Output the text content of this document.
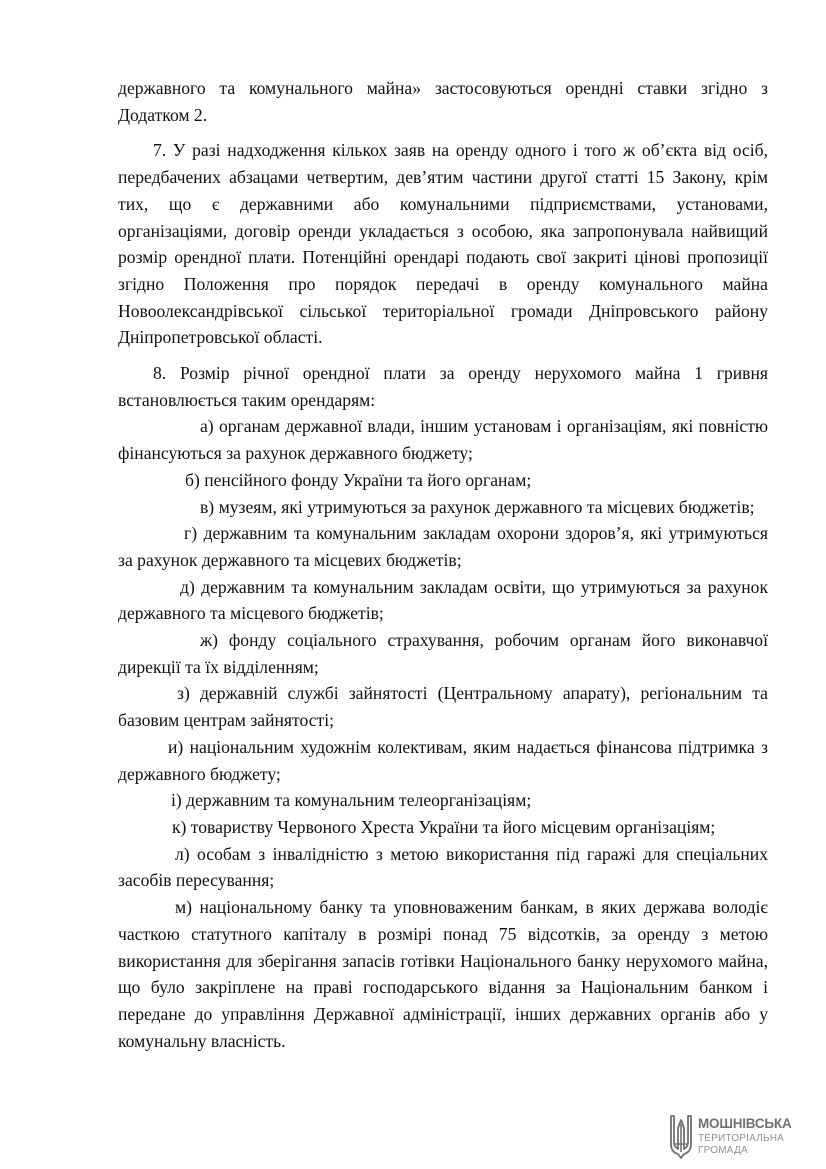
державного та комунального майна» застосовуються орендні ставки згідно з Додатком 2.

7. У разі надходження кількох заяв на оренду одного і того ж об’єкта від осіб, передбачених абзацами четвертим, дев’ятим частини другої статті 15 Закону, крім тих, що є державними або комунальними підприємствами, установами, організаціями, договір оренди укладається з особою, яка запропонувала найвищий розмір орендної плати. Потенційні орендарі подають свої закриті цінові пропозиції згідно Положення про порядок передачі в оренду комунального майна Новоолександрівської сільської територіальної громади Дніпровського району Дніпропетровської області.

8. Розмір річної орендної плати за оренду нерухомого майна 1 гривня встановлюється таким орендарям:

а) органам державної влади, іншим установам і організаціям, які повністю фінансуються за рахунок державного бюджету;

б) пенсійного фонду України та його органам;

в) музеям, які утримуються за рахунок державного та місцевих бюджетів;

г) державним та комунальним закладам охорони здоров’я, які утримуються за рахунок державного та місцевих бюджетів;

д) державним та комунальним закладам освіти, що утримуються за рахунок державного та місцевого бюджетів;

ж) фонду соціального страхування, робочим органам його виконавчої дирекції та їх відділенням;

з) державній службі зайнятості (Центральному апарату), регіональним та базовим центрам зайнятості;

и) національним художнім колективам, яким надається фінансова підтримка з державного бюджету;

і) державним та комунальним телеорганізаціям;

к) товариству Червоного Хреста України та його місцевим організаціям;

л) особам з інвалідністю з метою використання під гаражі для спеціальних засобів пересування;

м) національному банку та уповноваженим банкам, в яких держава володіє часткою статутного капіталу в розмірі понад 75 відсотків, за оренду з метою використання для зберігання запасів готівки Національного банку нерухомого майна, що було закріплене на праві господарського відання за Національним банком і передане до управління Державної адміністрації, інших державних органів або у комунальну власність.

МОШНІВСЬКА
ТЕРИТОРІАЛЬНА
ГРОМАДА
